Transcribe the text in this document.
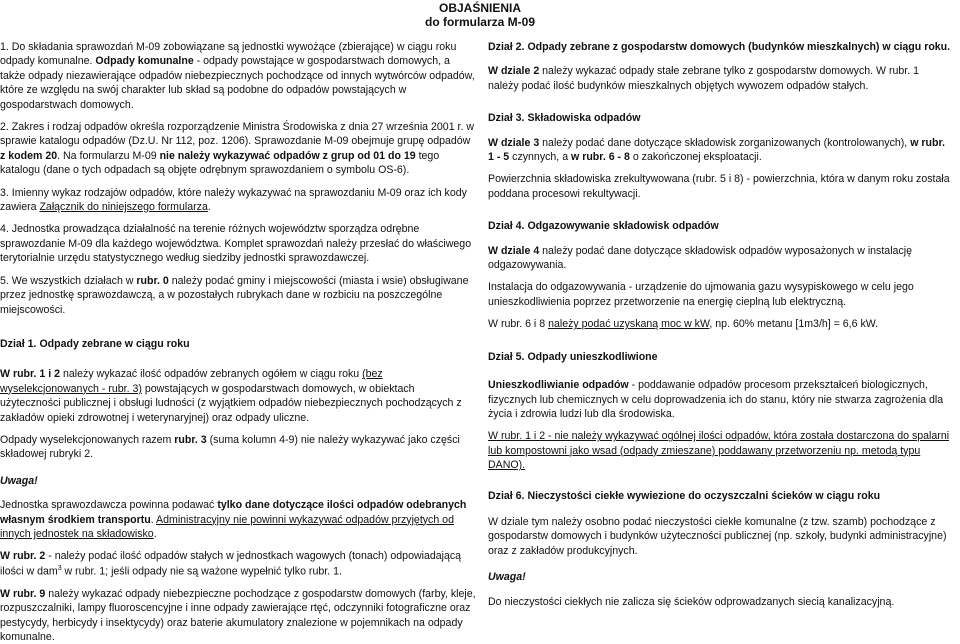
OBJAŚNIENIA
do formularza M-09

1. Do składania sprawozdań M-09 zobowiązane są jednostki wywożące (zbierające) w ciągu roku odpady komunalne. Odpady komunalne - odpady powstające w gospodarstwach domowych, a także odpady niezawierające odpadów niebezpiecznych pochodzące od innych wytwórców odpadów, które ze względu na swój charakter lub skład są podobne do odpadów powstających w gospodarstwach domowych.

2. Zakres i rodzaj odpadów określa rozporządzenie Ministra Środowiska z dnia 27 września 2001 r. w sprawie katalogu odpadów (Dz.U. Nr 112, poz. 1206). Sprawozdanie M-09 obejmuje grupę odpadów z kodem 20. Na formularzu M-09 nie należy wykazywać odpadów z grup od 01 do 19 tego katalogu (dane o tych odpadach są objęte odrębnym sprawozdaniem o symbolu OS-6).

3. Imienny wykaz rodzajów odpadów, które należy wykazywać na sprawozdaniu M-09 oraz ich kody zawiera Załącznik do niniejszego formularza.

4. Jednostka prowadząca działalność na terenie różnych województw sporządza odrębne sprawozdanie M-09 dla każdego województwa. Komplet sprawozdań należy przesłać do właściwego terytorialnie urzędu statystycznego według siedziby jednostki sprawozdawczej.

5. We wszystkich działach w rubr. 0 należy podać gminy i miejscowości (miasta i wsie) obsługiwane przez jednostkę sprawozdawczą, a w pozostałych rubrykach dane w rozbiciu na poszczególne miejscowości.

Dział 1. Odpady zebrane w ciągu roku

W rubr. 1 i 2 należy wykazać ilość odpadów zebranych ogółem w ciągu roku (bez wyselekcjonowanych - rubr. 3) powstających w gospodarstwach domowych, w obiektach użyteczności publicznej i obsługi ludności (z wyjątkiem odpadów niebezpiecznych pochodzących z zakładów opieki zdrowotnej i weterynaryjnej) oraz odpady uliczne.

Odpady wyselekcjonowanych razem rubr. 3 (suma kolumn 4-9) nie należy wykazywać jako części składowej rubryki 2.

Uwaga!

Jednostka sprawozdawcza powinna podawać tylko dane dotyczące ilości odpadów odebranych własnym środkiem transportu. Administracyjny nie powinni wykazywać odpadów przyjętych od innych jednostek na składowisko.

W rubr. 2 - należy podać ilość odpadów stałych w jednostkach wagowych (tonach) odpowiadającą ilości w dam$^3$ w rubr. 1; jeśli odpady nie są ważone wypełnić tylko rubr. 1.

W rubr. 9 należy wykazać odpady niebezpieczne pochodzące z gospodarstw domowych (farby, kleje, rozpuszczalniki, lampy fluoroscencyjne i inne odpady zawierające rtęć, odczynniki fotograficzne oraz pestycydy, herbicydy i insektycydy) oraz baterie akumulatory znalezione w pojemnikach na odpady komunalne.

Dział 2. Odpady zebrane z gospodarstw domowych (budynków mieszkalnych) w ciągu roku.

W dziale 2 należy wykazać odpady stałe zebrane tylko z gospodarstw domowych. W rubr. 1 należy podać ilość budynków mieszkalnych objętych wywozem odpadów stałych.

Dział 3. Składowiska odpadów

W dziale 3 należy podać dane dotyczące składowisk zorganizowanych (kontrolowanych), w rubr. 1 - 5 czynnych, a w rubr. 6 - 8 o zakończonej eksploatacji.

Powierzchnia składowiska zrekultywowana (rubr. 5 i 8) - powierzchnia, która w danym roku została poddana procesowi rekultywacji.

Dział 4. Odgazowywanie składowisk odpadów

W dziale 4 należy podać dane dotyczące składowisk odpadów wyposażonych w instalację odgazowywania.

Instalacja do odgazowywania - urządzenie do ujmowania gazu wysypiskowego w celu jego unieszkodliwienia poprzez przetworzenie na energię cieplną lub elektryczną.

W rubr. 6 i 8 należy podać uzyskaną moc w kW, np. 60% metanu [1m3/h] = 6,6 kW.

Dział 5. Odpady unieszkodliwione

Unieszkodliwianie odpadów - poddawanie odpadów procesom przekształceń biologicznych, fizycznych lub chemicznych w celu doprowadzenia ich do stanu, który nie stwarza zagrożenia dla życia i zdrowia ludzi lub dla środowiska.

W rubr. 1 i 2 - nie należy wykazywać ogólnej ilości odpadów, która została dostarczona do spalarni lub kompostowni jako wsad (odpady zmieszane) poddawany przetworzeniu np. metodą typu DANO).

Dział 6. Nieczystości ciekłe wywiezione do oczyszczalni ścieków w ciągu roku

W dziale tym należy osobno podać nieczystości ciekłe komunalne (z tzw. szamb) pochodzące z gospodarstw domowych i budynków użyteczności publicznej (np. szkoły, budynki administracyjne) oraz z zakładów produkcyjnych.

Uwaga!

Do nieczystości ciekłych nie zalicza się ścieków odprowadzanych siecią kanalizacyjną.
